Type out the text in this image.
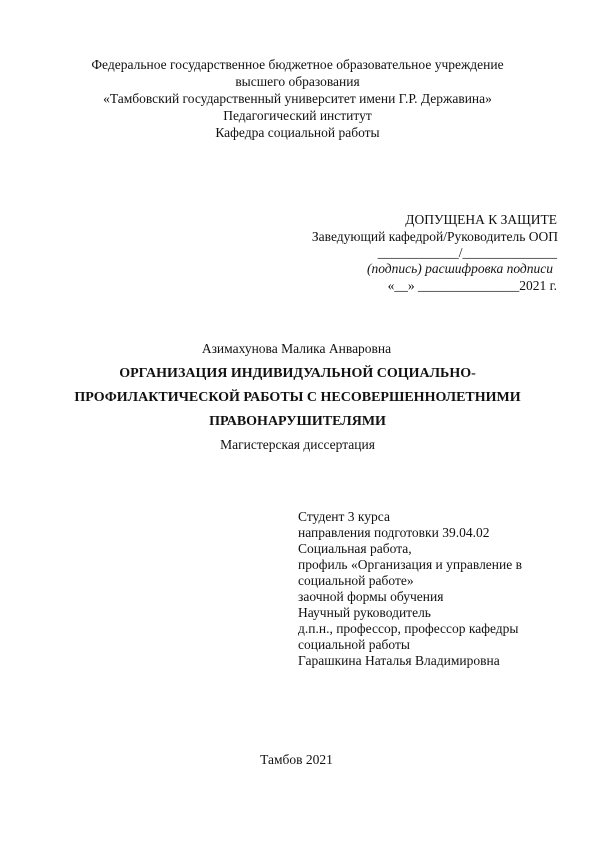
Федеральное государственное бюджетное образовательное учреждение
высшего образования
«Тамбовский государственный университет имени Г.Р. Державина»
Педагогический институт
Кафедра социальной работы
ДОПУЩЕНА К ЗАЩИТЕ
Заведующий кафедрой/Руководитель ООП
____________/______________
(подпись) расшифровка подписи
«__» _______________2021 г.
Азимахунова Малика Анваровна
ОРГАНИЗАЦИЯ ИНДИВИДУАЛЬНОЙ СОЦИАЛЬНО-
ПРОФИЛАКТИЧЕСКОЙ РАБОТЫ С НЕСОВЕРШЕННОЛЕТНИМИ
ПРАВОНАРУШИТЕЛЯМИ
Магистерская диссертация
Студент 3 курса
направления подготовки 39.04.02
Социальная работа,
профиль «Организация и управление в
социальной работе»
заочной формы обучения
Научный руководитель
д.п.н., профессор, профессор кафедры
социальной работы
Гарашкина Наталья Владимировна
Тамбов 2021
